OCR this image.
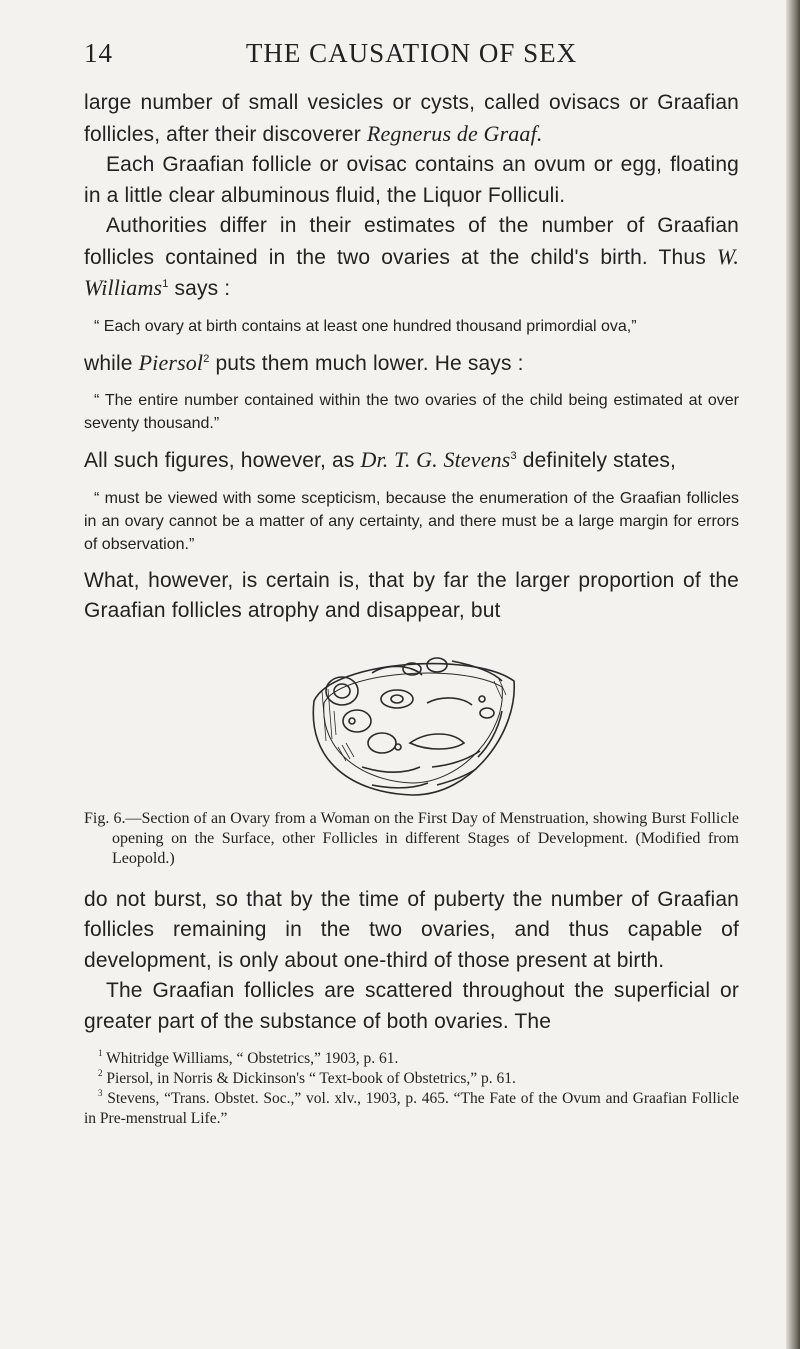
14	THE CAUSATION OF SEX

large number of small vesicles or cysts, called ovisacs or Graafian follicles, after their discoverer Regnerus de Graaf.

Each Graafian follicle or ovisac contains an ovum or egg, floating in a little clear albuminous fluid, the Liquor Folliculi.

Authorities differ in their estimates of the number of Graafian follicles contained in the two ovaries at the child's birth. Thus W. Williams$^1$ says :

“ Each ovary at birth contains at least one hundred thousand primordial ova,”

while Piersol$^2$ puts them much lower. He says :

“ The entire number contained within the two ovaries of the child being estimated at over seventy thousand.”

All such figures, however, as Dr. T. G. Stevens$^3$ definitely states,

“ must be viewed with some scepticism, because the enumeration of the Graafian follicles in an ovary cannot be a matter of any certainty, and there must be a large margin for errors of observation.”

What, however, is certain is, that by far the larger proportion of the Graafian follicles atrophy and disappear, but

Fig. 6.—Section of an Ovary from a Woman on the First Day of Menstruation, showing Burst Follicle opening on the Surface, other Follicles in different Stages of Development. (Modified from Leopold.)

do not burst, so that by the time of puberty the number of Graafian follicles remaining in the two ovaries, and thus capable of development, is only about one-third of those present at birth.

The Graafian follicles are scattered throughout the superficial or greater part of the substance of both ovaries. The

$^1$ Whitridge Williams, “ Obstetrics,” 1903, p. 61.

$^2$ Piersol, in Norris & Dickinson's “ Text-book of Obstetrics,” p. 61.

$^3$ Stevens, “Trans. Obstet. Soc.,” vol. xlv., 1903, p. 465. “The Fate of the Ovum and Graafian Follicle in Pre-menstrual Life.”
